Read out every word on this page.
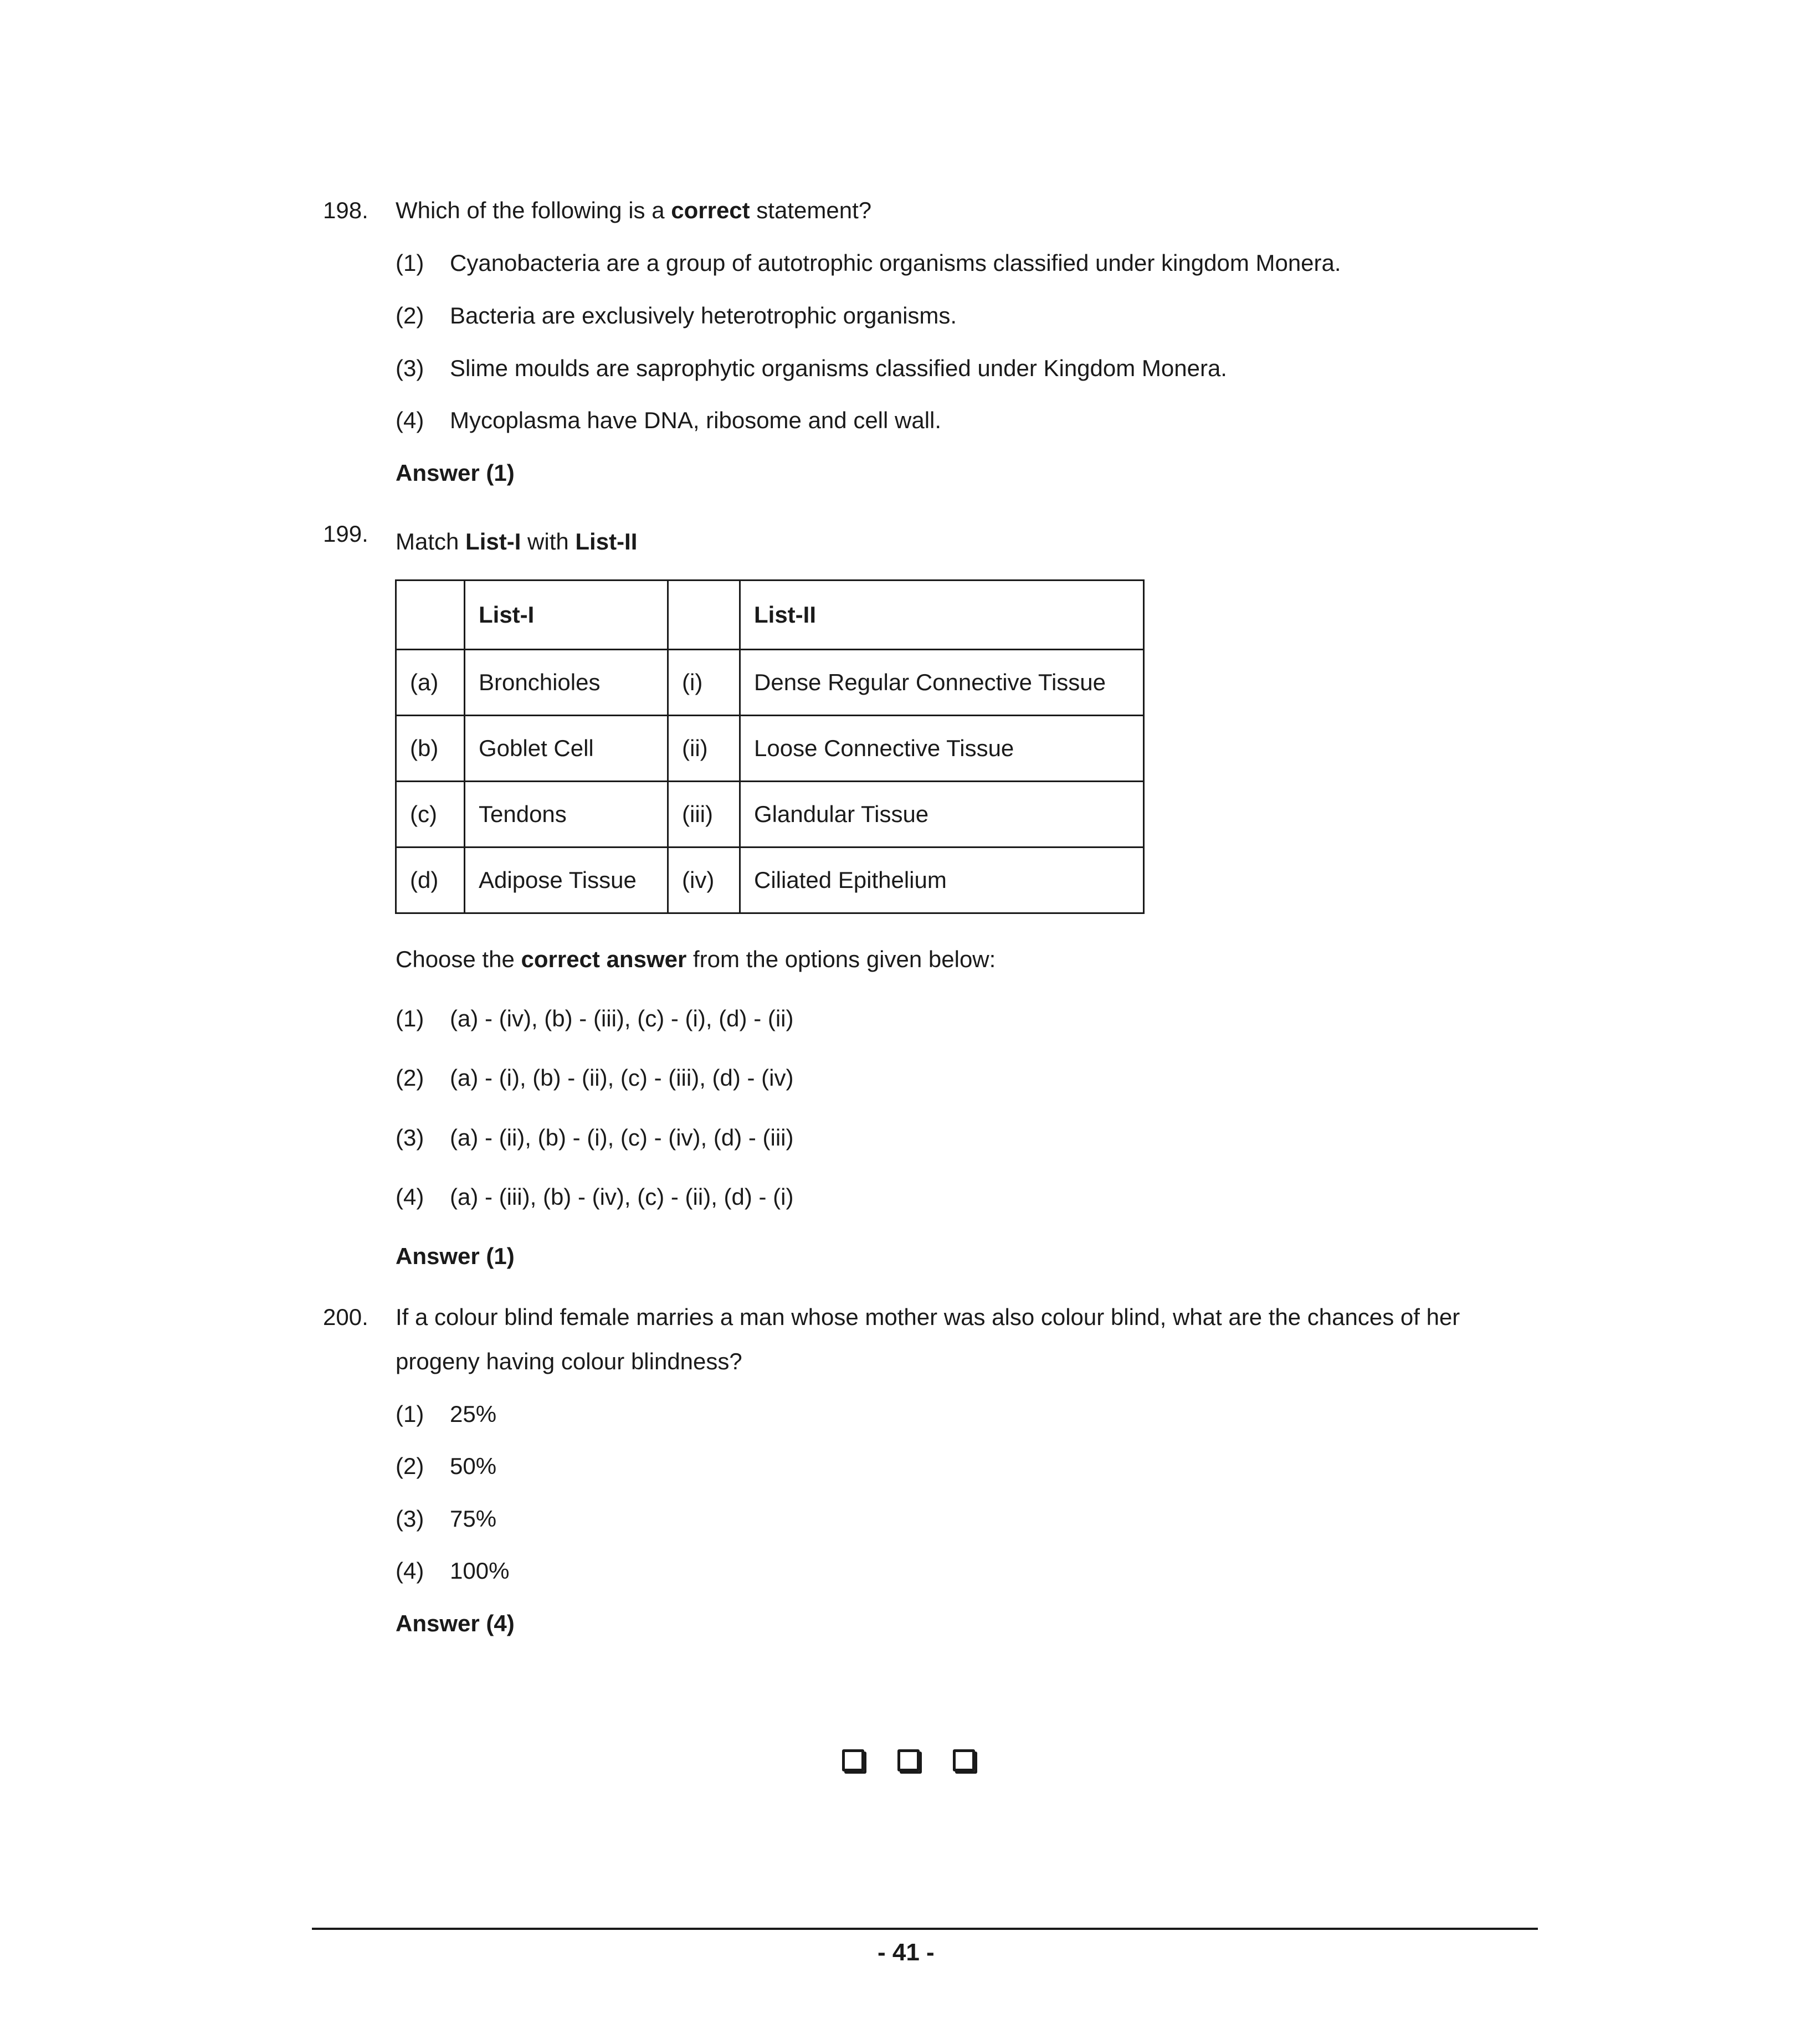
198. Which of the following is a correct statement?
(1) Cyanobacteria are a group of autotrophic organisms classified under kingdom Monera.
(2) Bacteria are exclusively heterotrophic organisms.
(3) Slime moulds are saprophytic organisms classified under Kingdom Monera.
(4) Mycoplasma have DNA, ribosome and cell wall.
Answer (1)
199. Match List-I with List-II
	List-I		List-II
(a)	Bronchioles	(i)	Dense Regular Connective Tissue
(b)	Goblet Cell	(ii)	Loose Connective Tissue
(c)	Tendons	(iii)	Glandular Tissue
(d)	Adipose Tissue	(iv)	Ciliated Epithelium
Choose the correct answer from the options given below:
(1) (a) - (iv), (b) - (iii), (c) - (i), (d) - (ii)
(2) (a) - (i), (b) - (ii), (c) - (iii), (d) - (iv)
(3) (a) - (ii), (b) - (i), (c) - (iv), (d) - (iii)
(4) (a) - (iii), (b) - (iv), (c) - (ii), (d) - (i)
Answer (1)
200. If a colour blind female marries a man whose mother was also colour blind, what are the chances of her
progeny having colour blindness?
(1) 25%
(2) 50%
(3) 75%
(4) 100%
Answer (4)
- 41 -
